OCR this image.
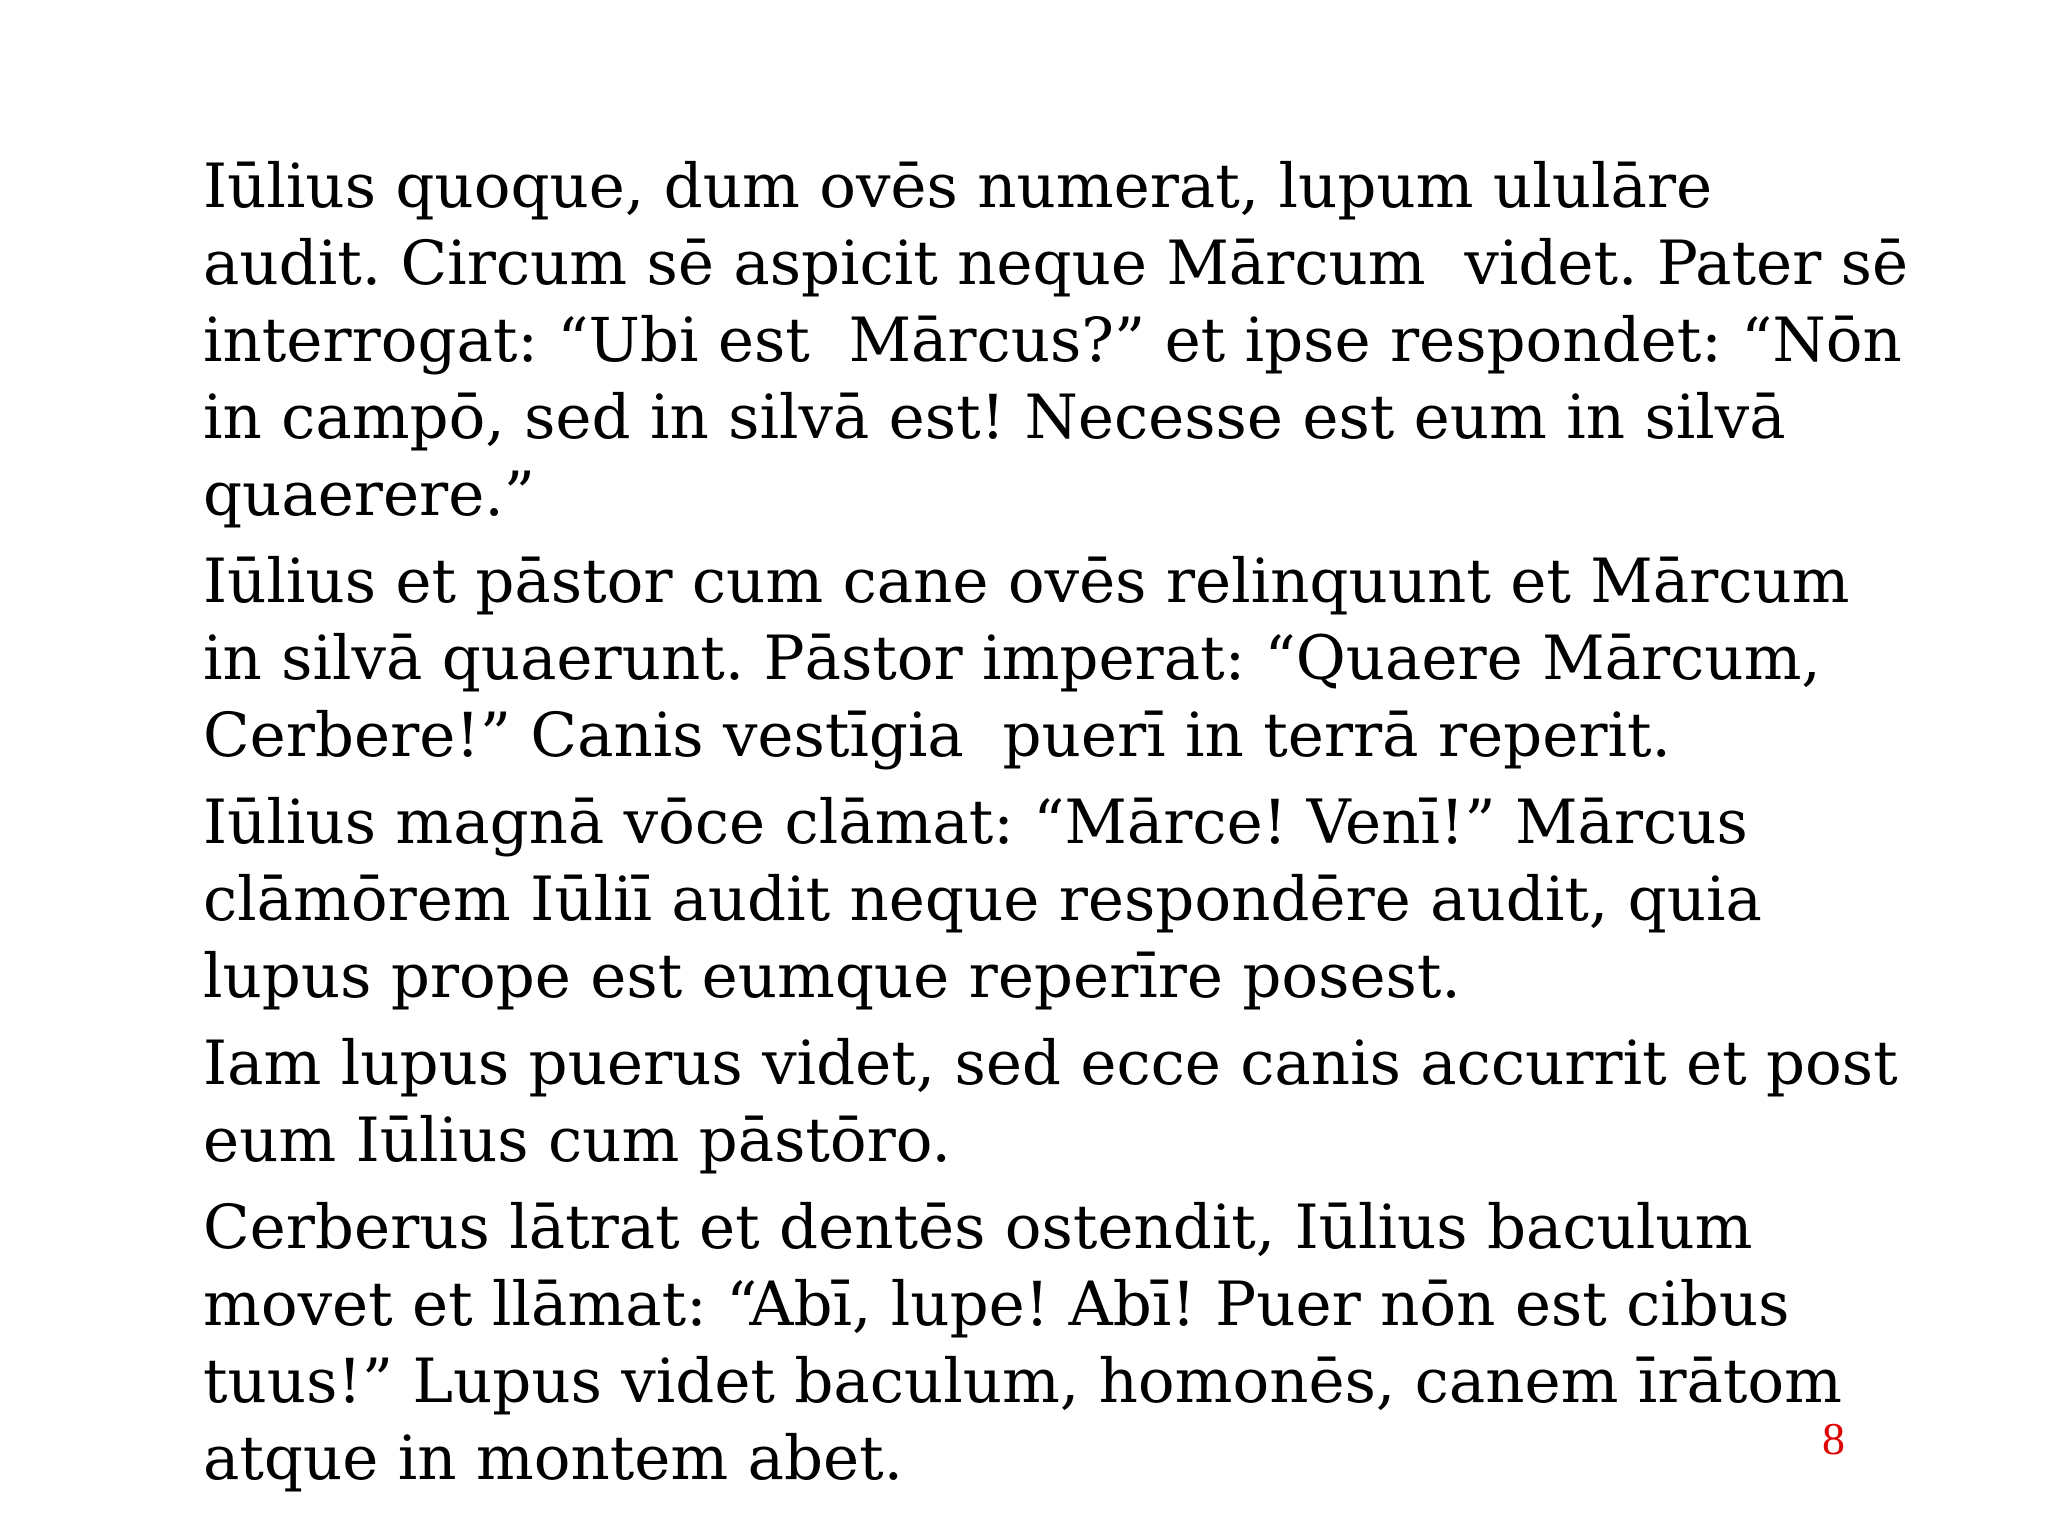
Iūlius quoque, dum ovēs numerat, lupum ululāre
audit. Circum sē aspicit neque Mārcum  videt. Pater sē
interrogat: “Ubi est  Mārcus?” et ipse respondet: “Nōn
in campō, sed in silvā est! Necesse est eum in silvā
quaerere.”

Iūlius et pāstor cum cane ovēs relinquunt et Mārcum
in silvā quaerunt. Pāstor imperat: “Quaere Mārcum,
Cerbere!” Canis vestīgia  puerī in terrā reperit.

Iūlius magnā vōce clāmat: “Mārce! Venī!” Mārcus
clāmōrem Iūliī audit neque respondēre audit, quia
lupus prope est eumque reperīre posest.

Iam lupus puerus videt, sed ecce canis accurrit et post
eum Iūlius cum pāstōro.

Cerberus lātrat et dentēs ostendit, Iūlius baculum
movet et llāmat: “Abī, lupe! Abī! Puer nōn est cibus
tuus!” Lupus videt baculum, homonēs, canem īrātom
atque in montem abet.	8
